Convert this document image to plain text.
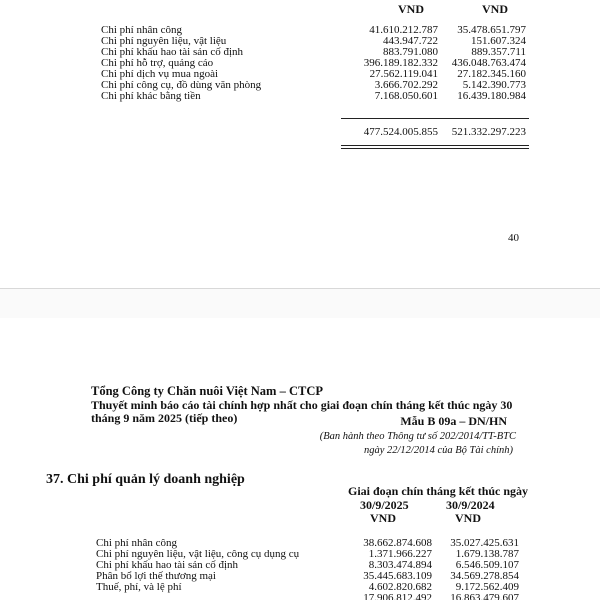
VND	VND
Chi phí nhân công	41.610.212.787 35.478.651.797
Chi phí nguyên liệu, vật liệu	443.947.722	151.607.324
Chi phí khấu hao tài sản cố định	883.791.080	889.357.711
Chi phí hỗ trợ, quảng cáo	396.189.182.332 436.048.763.474
Chi phí dịch vụ mua ngoài	27.562.119.041 27.182.345.160
Chi phí công cụ, đồ dùng văn phòng	3.666.702.292 5.142.390.773
Chi phí khác bằng tiền	7.168.050.601 16.439.180.984
477.524.005.855 521.332.297.223
40
Tổng Công ty Chăn nuôi Việt Nam – CTCP
Thuyết minh báo cáo tài chính hợp nhất cho giai đoạn chín tháng kết thúc ngày 30
tháng 9 năm 2025 (tiếp theo)	Mẫu B 09a – DN/HN
(Ban hành theo Thông tư số 202/2014/TT-BTC
ngày 22/12/2014 của Bộ Tài chính)
37. Chi phí quản lý doanh nghiệp
Giai đoạn chín tháng kết thúc ngày
30/9/2025	30/9/2024
VND	VND
Chi phí nhân công	38.662.874.608 35.027.425.631
Chi phí nguyên liệu, vật liệu, công cụ dụng cụ	1.371.966.227 1.679.138.787
Chi phí khấu hao tài sản cố định	8.303.474.894 6.546.509.107
Phân bổ lợi thế thương mại	35.445.683.109 34.569.278.854
Thuế, phí, và lệ phí	4.602.820.682 9.172.562.409
17.906.812.492 16.863.479.607
